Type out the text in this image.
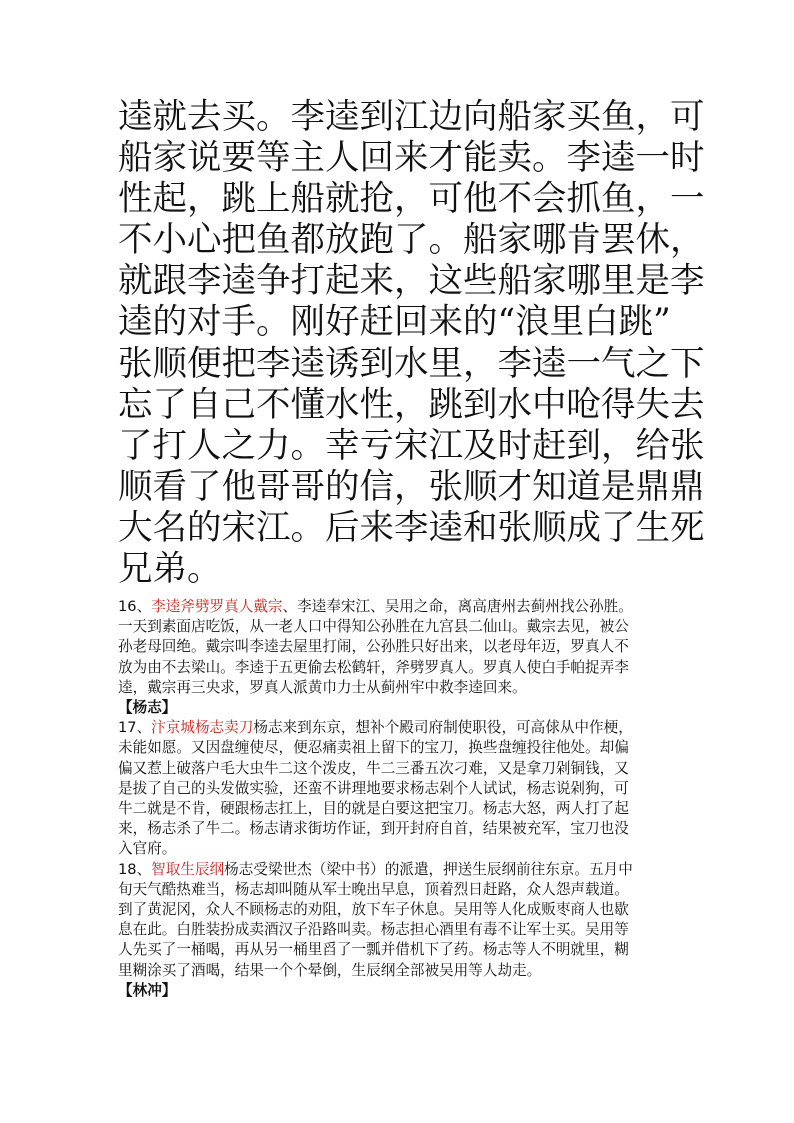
逵就去买。李逵到江边向船家买鱼，可
船家说要等主人回来才能卖。李逵一时
性起，跳上船就抢，可他不会抓鱼，一
不小心把鱼都放跑了。船家哪肯罢休，
就跟李逵争打起来，这些船家哪里是李
逵的对手。刚好赶回来的“浪里白跳”
张顺便把李逵诱到水里，李逵一气之下
忘了自己不懂水性，跳到水中呛得失去
了打人之力。幸亏宋江及时赶到，给张
顺看了他哥哥的信，张顺才知道是鼎鼎
大名的宋江。后来李逵和张顺成了生死
兄弟。
16、李逵斧劈罗真人戴宗、李逵奉宋江、吴用之命，离高唐州去蓟州找公孙胜。
一天到素面店吃饭，从一老人口中得知公孙胜在九宫县二仙山。戴宗去见，被公
孙老母回绝。戴宗叫李逵去屋里打闹，公孙胜只好出来，以老母年迈，罗真人不
放为由不去梁山。李逵于五更偷去松鹤轩，斧劈罗真人。罗真人使白手帕捉弄李
逵，戴宗再三央求，罗真人派黄巾力士从蓟州牢中救李逵回来。
【杨志】
17、汴京城杨志卖刀杨志来到东京，想补个殿司府制使职役，可高俅从中作梗，
未能如愿。又因盘缠使尽，便忍痛卖祖上留下的宝刀，换些盘缠投往他处。却偏
偏又惹上破落户毛大虫牛二这个泼皮，牛二三番五次刁难，又是拿刀剁铜钱，又
是拔了自己的头发做实验，还蛮不讲理地要求杨志剁个人试试，杨志说剁狗，可
牛二就是不肯，硬跟杨志扛上，目的就是白要这把宝刀。杨志大怒，两人打了起
来，杨志杀了牛二。杨志请求街坊作证，到开封府自首，结果被充军，宝刀也没
入官府。
18、智取生辰纲杨志受梁世杰（梁中书）的派遣，押送生辰纲前往东京。五月中
旬天气酷热难当，杨志却叫随从军士晚出早息，顶着烈日赶路，众人怨声载道。
到了黄泥冈，众人不顾杨志的劝阻，放下车子休息。吴用等人化成贩枣商人也歇
息在此。白胜装扮成卖酒汉子沿路叫卖。杨志担心酒里有毒不让军士买。吴用等
人先买了一桶喝，再从另一桶里舀了一瓢并借机下了药。杨志等人不明就里，糊
里糊涂买了酒喝，结果一个个晕倒，生辰纲全部被吴用等人劫走。
【林冲】
